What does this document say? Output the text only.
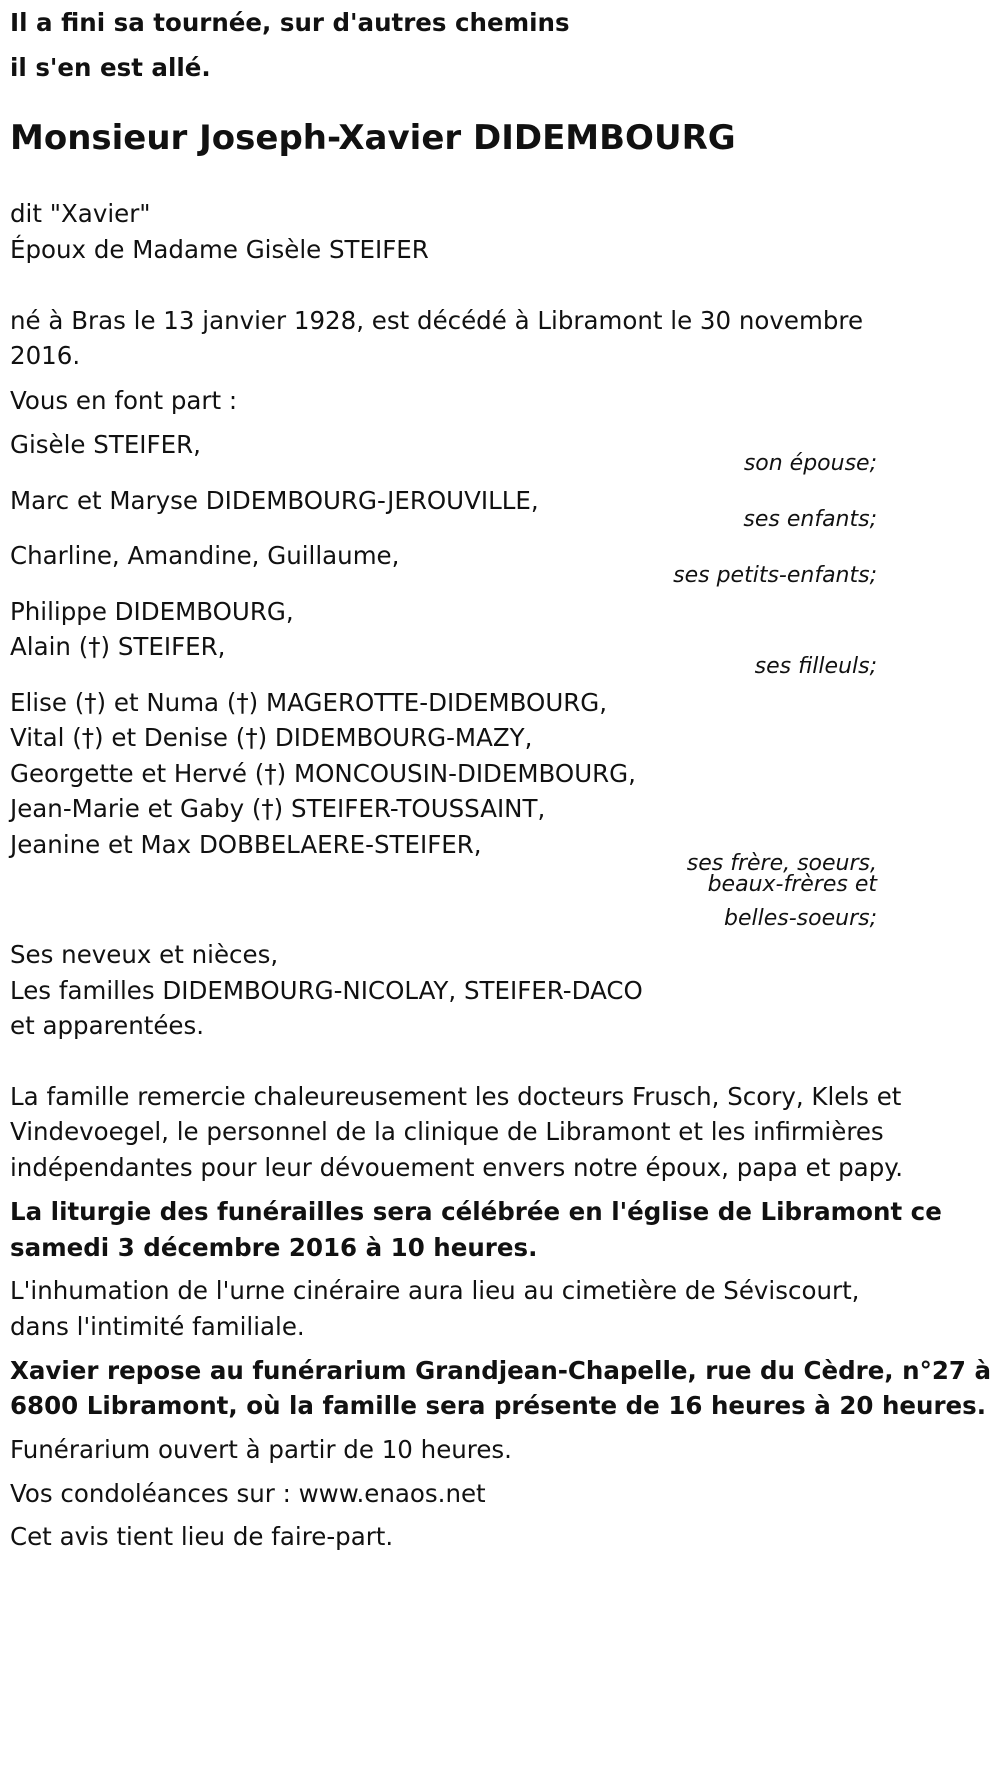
Il a fini sa tournée, sur d'autres chemins
il s'en est allé.
Monsieur Joseph-Xavier DIDEMBOURG
dit "Xavier"
Époux de Madame Gisèle STEIFER
né à Bras le 13 janvier 1928, est décédé à Libramont le 30 novembre
2016.
Vous en font part :
Gisèle STEIFER,
son épouse;
Marc et Maryse DIDEMBOURG-JEROUVILLE,
ses enfants;
Charline, Amandine, Guillaume,
ses petits-enfants;
Philippe DIDEMBOURG,
Alain (†) STEIFER,
ses filleuls;
Elise (†) et Numa (†) MAGEROTTE-DIDEMBOURG,
Vital (†) et Denise (†) DIDEMBOURG-MAZY,
Georgette et Hervé (†) MONCOUSIN-DIDEMBOURG,
Jean-Marie et Gaby (†) STEIFER-TOUSSAINT,
Jeanine et Max DOBBELAERE-STEIFER,
ses frère, soeurs,
beaux-frères et
belles-soeurs;
Ses neveux et nièces,
Les familles DIDEMBOURG-NICOLAY, STEIFER-DACO
et apparentées.
La famille remercie chaleureusement les docteurs Frusch, Scory, Klels et
Vindevoegel, le personnel de la clinique de Libramont et les infirmières
indépendantes pour leur dévouement envers notre époux, papa et papy.
La liturgie des funérailles sera célébrée en l'église de Libramont ce
samedi 3 décembre 2016 à 10 heures.
L'inhumation de l'urne cinéraire aura lieu au cimetière de Séviscourt,
dans l'intimité familiale.
Xavier repose au funérarium Grandjean-Chapelle, rue du Cèdre, n°27 à
6800 Libramont, où la famille sera présente de 16 heures à 20 heures.
Funérarium ouvert à partir de 10 heures.
Vos condoléances sur : www.enaos.net
Cet avis tient lieu de faire-part.
